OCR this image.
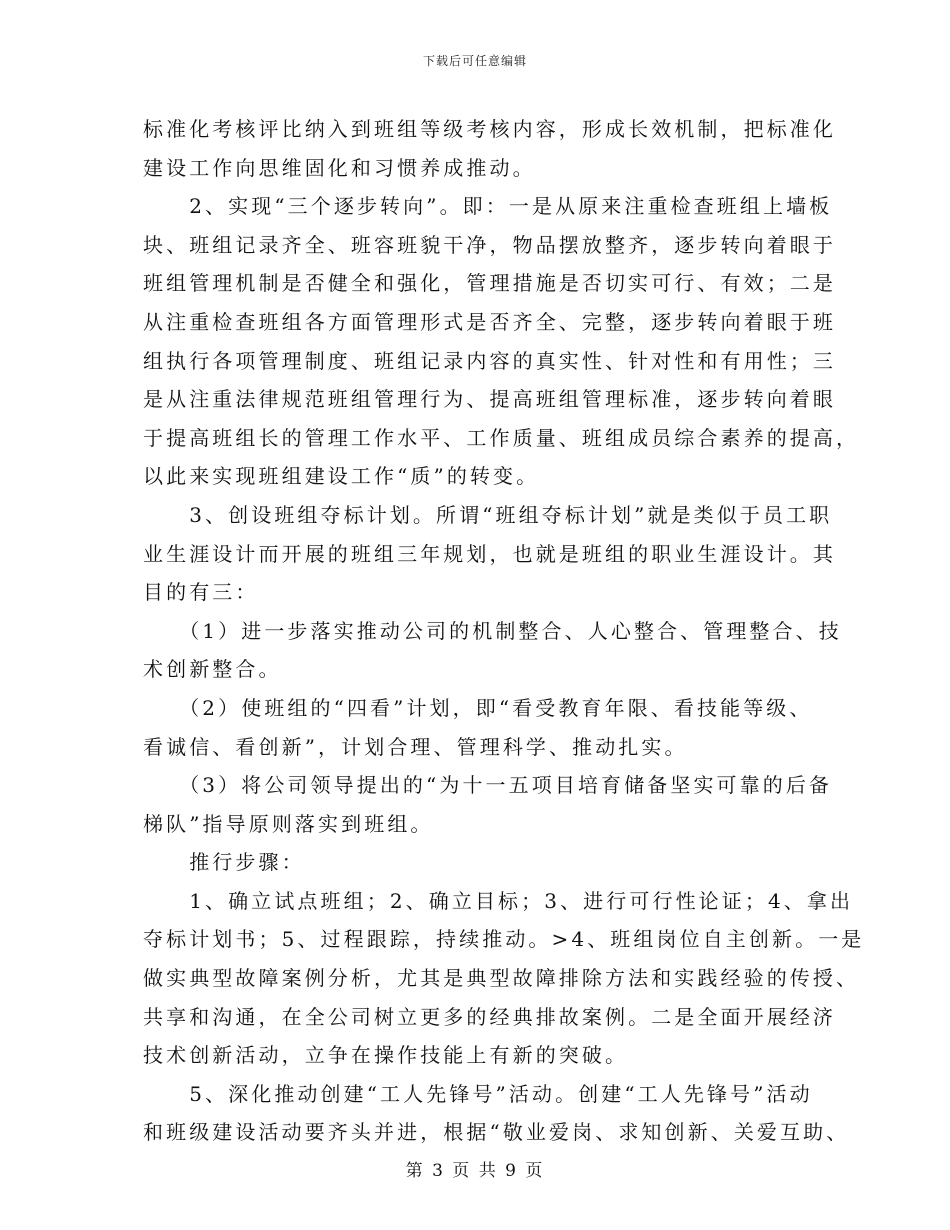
下载后可任意编辑
标准化考核评比纳入到班组等级考核内容，形成长效机制，把标准化
建设工作向思维固化和习惯养成推动。
　　2、实现“三个逐步转向”。即：一是从原来注重检查班组上墙板
块、班组记录齐全、班容班貌干净，物品摆放整齐，逐步转向着眼于
班组管理机制是否健全和强化，管理措施是否切实可行、有效；二是
从注重检查班组各方面管理形式是否齐全、完整，逐步转向着眼于班
组执行各项管理制度、班组记录内容的真实性、针对性和有用性；三
是从注重法律规范班组管理行为、提高班组管理标准，逐步转向着眼
于提高班组长的管理工作水平、工作质量、班组成员综合素养的提高，
以此来实现班组建设工作“质”的转变。
　　3、创设班组夺标计划。所谓“班组夺标计划”就是类似于员工职
业生涯设计而开展的班组三年规划，也就是班组的职业生涯设计。其
目的有三：
　　（1）进一步落实推动公司的机制整合、人心整合、管理整合、技
术创新整合。
　　（2）使班组的“四看”计划，即“看受教育年限、看技能等级、
看诚信、看创新”，计划合理、管理科学、推动扎实。
　　（3）将公司领导提出的“为十一五项目培育储备坚实可靠的后备
梯队”指导原则落实到班组。
　　推行步骤：
　　1、确立试点班组；2、确立目标；3、进行可行性论证；4、拿出
夺标计划书；5、过程跟踪，持续推动。>4、班组岗位自主创新。一是
做实典型故障案例分析，尤其是典型故障排除方法和实践经验的传授、
共享和沟通，在全公司树立更多的经典排故案例。二是全面开展经济
技术创新活动，立争在操作技能上有新的突破。
　　5、深化推动创建“工人先锋号”活动。创建“工人先锋号”活动
和班级建设活动要齐头并进，根据“敬业爱岗、求知创新、关爱互助、
第 3 页 共 9 页
